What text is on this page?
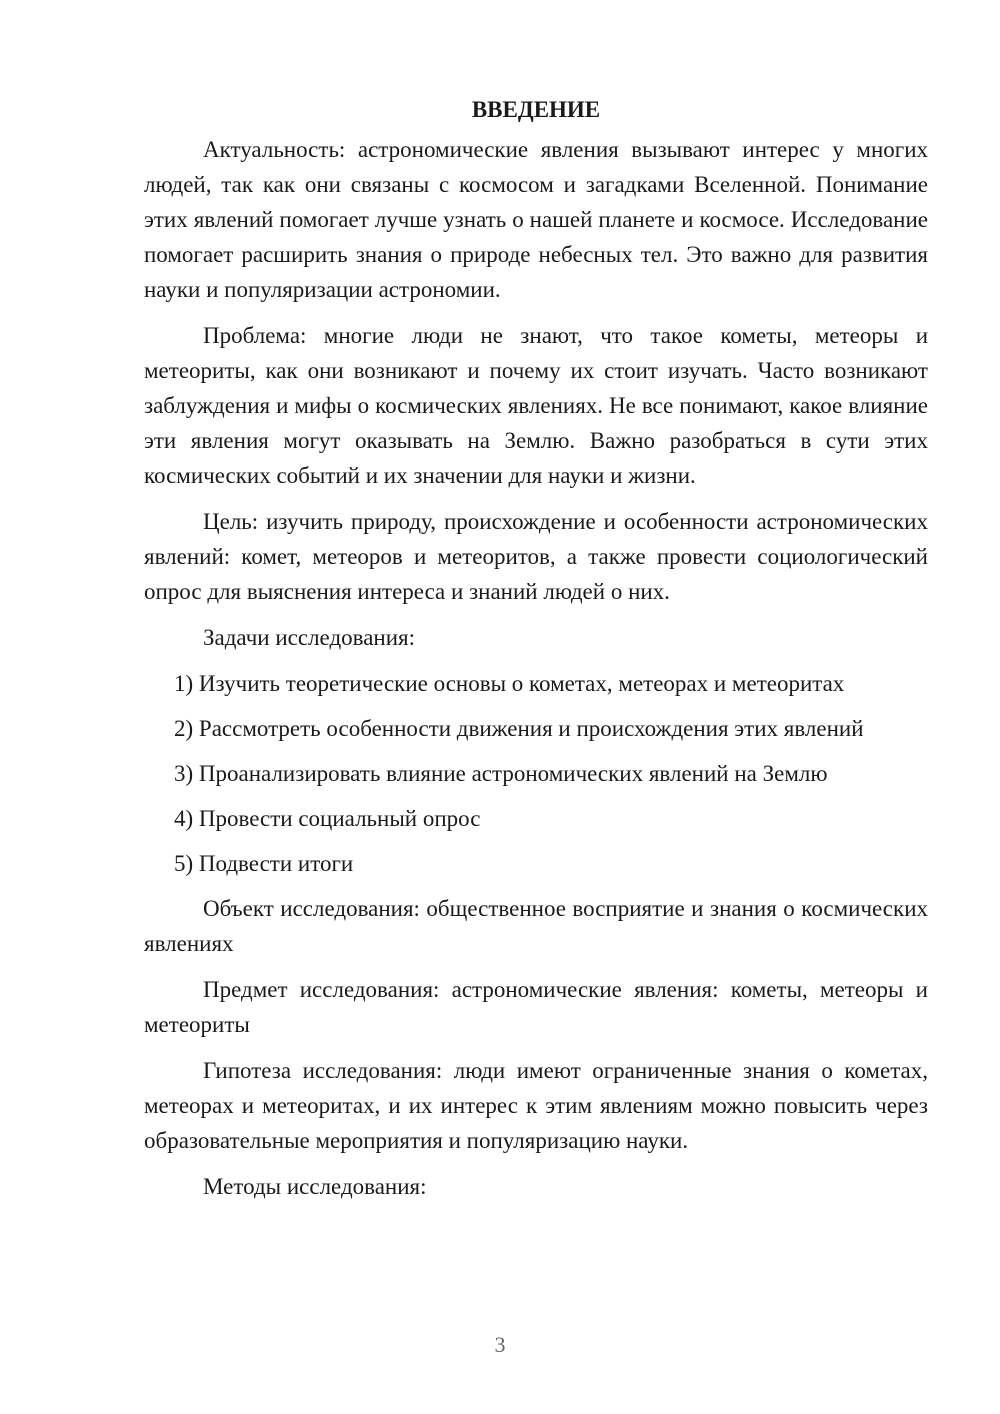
ВВЕДЕНИЕ

Актуальность: астрономические явления вызывают интерес у многих людей, так как они связаны с космосом и загадками Вселенной. Понимание этих явлений помогает лучше узнать о нашей планете и космосе. Исследование помогает расширить знания о природе небесных тел. Это важно для развития науки и популяризации астрономии.

Проблема: многие люди не знают, что такое кометы, метеоры и метеориты, как они возникают и почему их стоит изучать. Часто возникают заблуждения и мифы о космических явлениях. Не все понимают, какое влияние эти явления могут оказывать на Землю. Важно разобраться в сути этих космических событий и их значении для науки и жизни.

Цель: изучить природу, происхождение и особенности астрономических явлений: комет, метеоров и метеоритов, а также провести социологический опрос для выяснения интереса и знаний людей о них.

Задачи исследования:

1) Изучить теоретические основы о кометах, метеорах и метеоритах
2) Рассмотреть особенности движения и происхождения этих явлений
3) Проанализировать влияние астрономических явлений на Землю
4) Провести социальный опрос
5) Подвести итоги

Объект исследования: общественное восприятие и знания о космических явлениях

Предмет исследования: астрономические явления: кометы, метеоры и метеориты

Гипотеза исследования: люди имеют ограниченные знания о кометах, метеорах и метеоритах, и их интерес к этим явлениям можно повысить через образовательные мероприятия и популяризацию науки.

Методы исследования:

3
